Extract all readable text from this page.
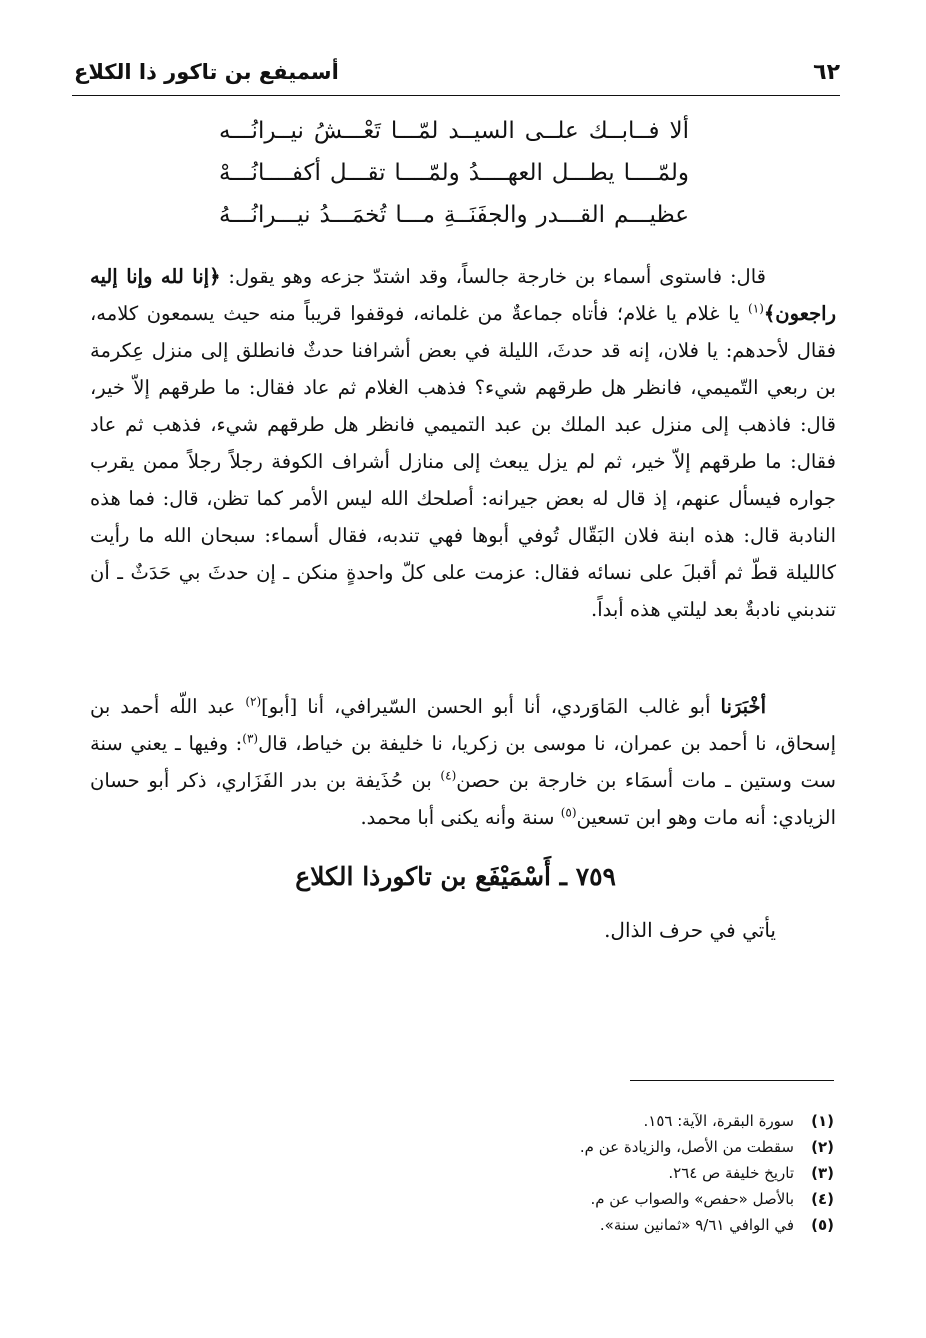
٦٢
أسميفع بن تاكور ذا الكلاع
ألا فــابــك علــى السيــد لمّـــا تَعْـــشُ نيــرانُـــه
ولمّــــا يطـــل العهــــدُ ولمّــــا تقـــل أكفــــانُـــهْ
عظيـــم القـــدر والجفَنَــةِ مـــا تُخمَـــدُ نيـــرانُـــهُ
قال: فاستوى أسماء بن خارجة جالساً، وقد اشتدّ جزعه وهو يقول: ﴿إنا لله وإنا إليه راجعون﴾$^{(١)}$ يا غلام يا غلام؛ فأتاه جماعةٌ من غلمانه، فوقفوا قريباً منه حيث يسمعون كلامه، فقال لأحدهم: يا فلان، إنه قد حدثَ، الليلة في بعض أشرافنا حدثٌ فانطلق إلى منزل عِكرمة بن ربعي التّميمي، فانظر هل طرقهم شيء؟ فذهب الغلام ثم عاد فقال: ما طرقهم إلاّ خير، قال: فاذهب إلى منزل عبد الملك بن عبد التميمي فانظر هل طرقهم شيء، فذهب ثم عاد فقال: ما طرقهم إلاّ خير، ثم لم يزل يبعث إلى منازل أشراف الكوفة رجلاً رجلاً ممن يقرب جواره فيسأل عنهم، إذ قال له بعض جيرانه: أصلحك الله ليس الأمر كما تظن، قال: فما هذه النادبة قال: هذه ابنة فلان البَقّال تُوفي أبوها فهي تندبه، فقال أسماء: سبحان الله ما رأيت كالليلة قطّ ثم أقبلَ على نسائه فقال: عزمت على كلّ واحدةٍ منكن ـ إن حدثَ بي حَدَثٌ ـ أن تندبني نادبةٌ بعد ليلتي هذه أبداً.
أخْبَرَنا أبو غالب المَاوَردي، أنا أبو الحسن السّيرافي، أنا [أبو]$^{(٢)}$ عبد اللّه أحمد بن إسحاق، نا أحمد بن عمران، نا موسى بن زكريا، نا خليفة بن خياط، قال$^{(٣)}$: وفيها ـ يعني سنة ست وستين ـ مات أسمَاء بن خارجة بن حصن$^{(٤)}$ بن حُذَيفة بن بدر الفَزَاري، ذكر أبو حسان الزيادي: أنه مات وهو ابن تسعين$^{(٥)}$ سنة وأنه يكنى أبا محمد.
٧٥٩ ـ أَسْمَيْفَع بن تاكورذا الكلاع
يأتي في حرف الذال.
(١)سورة البقرة، الآية: ١٥٦.
(٢)سقطت من الأصل، والزيادة عن م.
(٣)تاريخ خليفة ص ٢٦٤.
(٤)بالأصل «حفص» والصواب عن م.
(٥)في الوافي ٩/٦١ «ثمانين سنة».
